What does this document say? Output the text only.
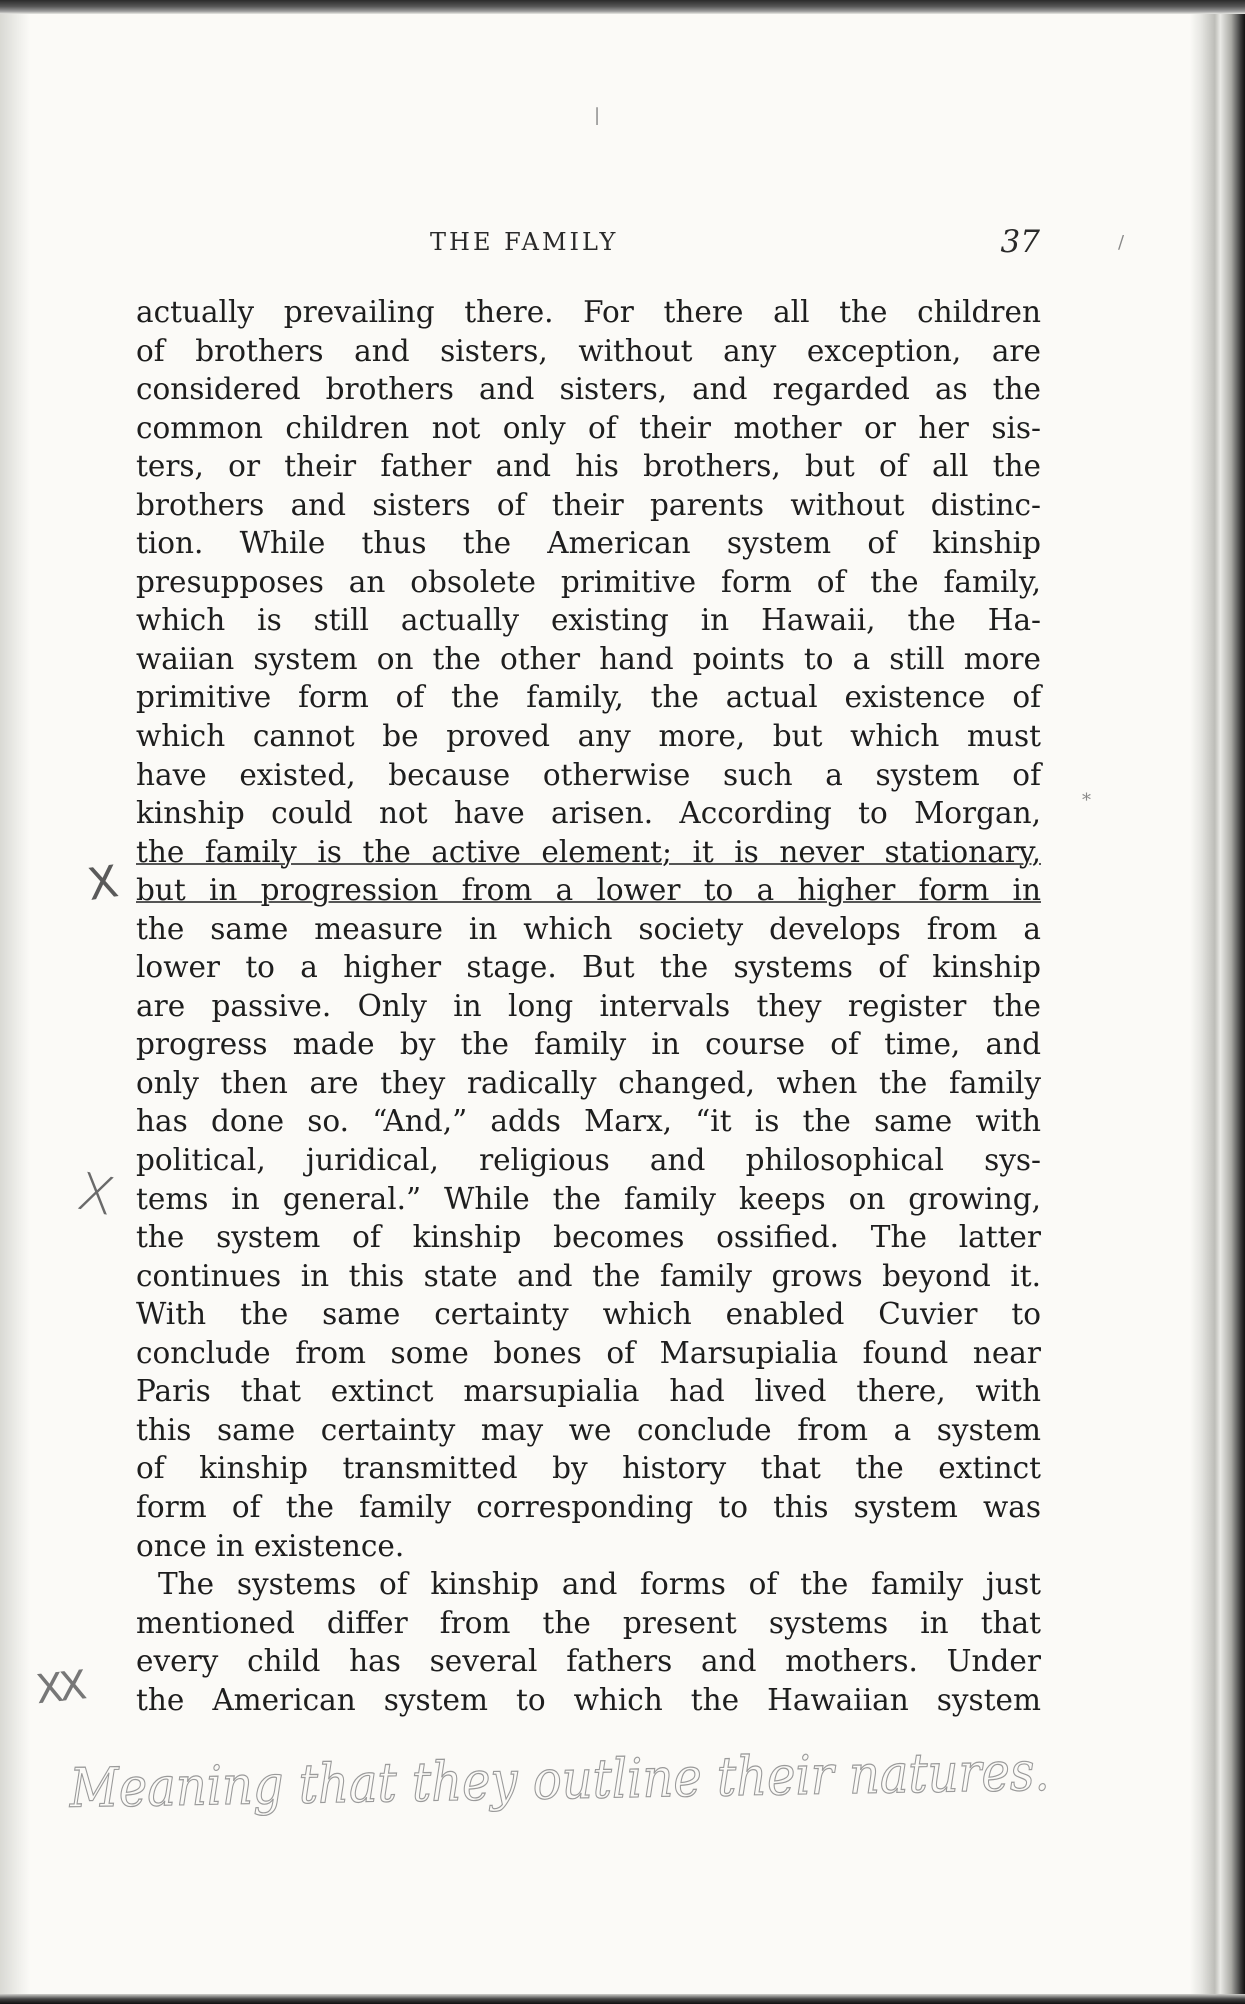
THE FAMILY	37
actually prevailing there. For there all the children
of brothers and sisters, without any exception, are
considered brothers and sisters, and regarded as the
common children not only of their mother or her sis-
ters, or their father and his brothers, but of all the
brothers and sisters of their parents without distinc-
tion. While thus the American system of kinship
presupposes an obsolete primitive form of the family,
which is still actually existing in Hawaii, the Ha-
waiian system on the other hand points to a still more
primitive form of the family, the actual existence of
which cannot be proved any more, but which must
have existed, because otherwise such a system of
kinship could not have arisen. According to Morgan,
the family is the active element; it is never stationary,
but in progression from a lower to a higher form in
the same measure in which society develops from a
lower to a higher stage. But the systems of kinship
are passive. Only in long intervals they register the
progress made by the family in course of time, and
only then are they radically changed, when the family
has done so. “And,” adds Marx, “it is the same with
political, juridical, religious and philosophical sys-
tems in general.” While the family keeps on growing,
the system of kinship becomes ossified. The latter
continues in this state and the family grows beyond it.
With the same certainty which enabled Cuvier to
conclude from some bones of Marsupialia found near
Paris that extinct marsupialia had lived there, with
this same certainty may we conclude from a system
of kinship transmitted by history that the extinct
form of the family corresponding to this system was
once in existence.
The systems of kinship and forms of the family just
mentioned differ from the present systems in that
every child has several fathers and mothers. Under
the American system to which the Hawaiian system
X
X
XX
Meaning that they outline their natures.
/
*
|
